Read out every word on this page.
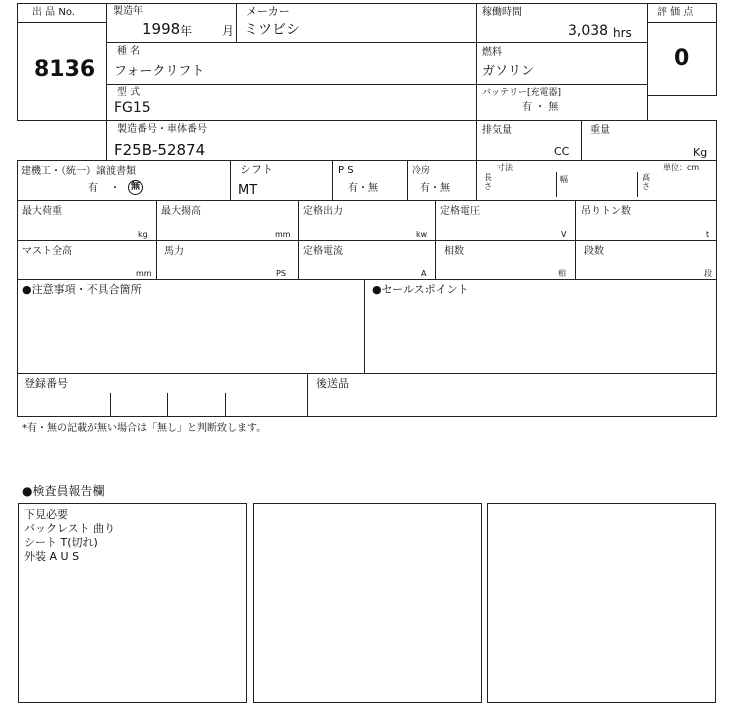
出 品 No.
8136
評 価 点
0
製造年
1998 年 月
メーカー
ミツビシ
稼働時間
3,038 hrs
種 名
フォークリフト
燃料
ガソリン
型 式
FG15
バッテリー[充電器]
有 ・ 無
製造番号・車体番号
F25B-52874
排気量
CC
重量
Kg
建機工・（統一）譲渡書類
有 ・	無
シフト
MT
P S
有・無
冷房
有・無
寸法
長さ
幅	高さ
単位：cm
最大荷重
kg
最大揚高
mm
定格出力
kw
定格電圧
V
吊りトン数
t
マスト全高
mm
馬力
PS
定格電流
A
相数
相
段数
段
●注意事項・不具合箇所	●セールスポイント
登録番号	後送品
*有・無の記載が無い場合は「無し」と判断致します。
●検査員報告欄
下見必要
バックレスト 曲り
シート T(切れ)
外装 A U S
